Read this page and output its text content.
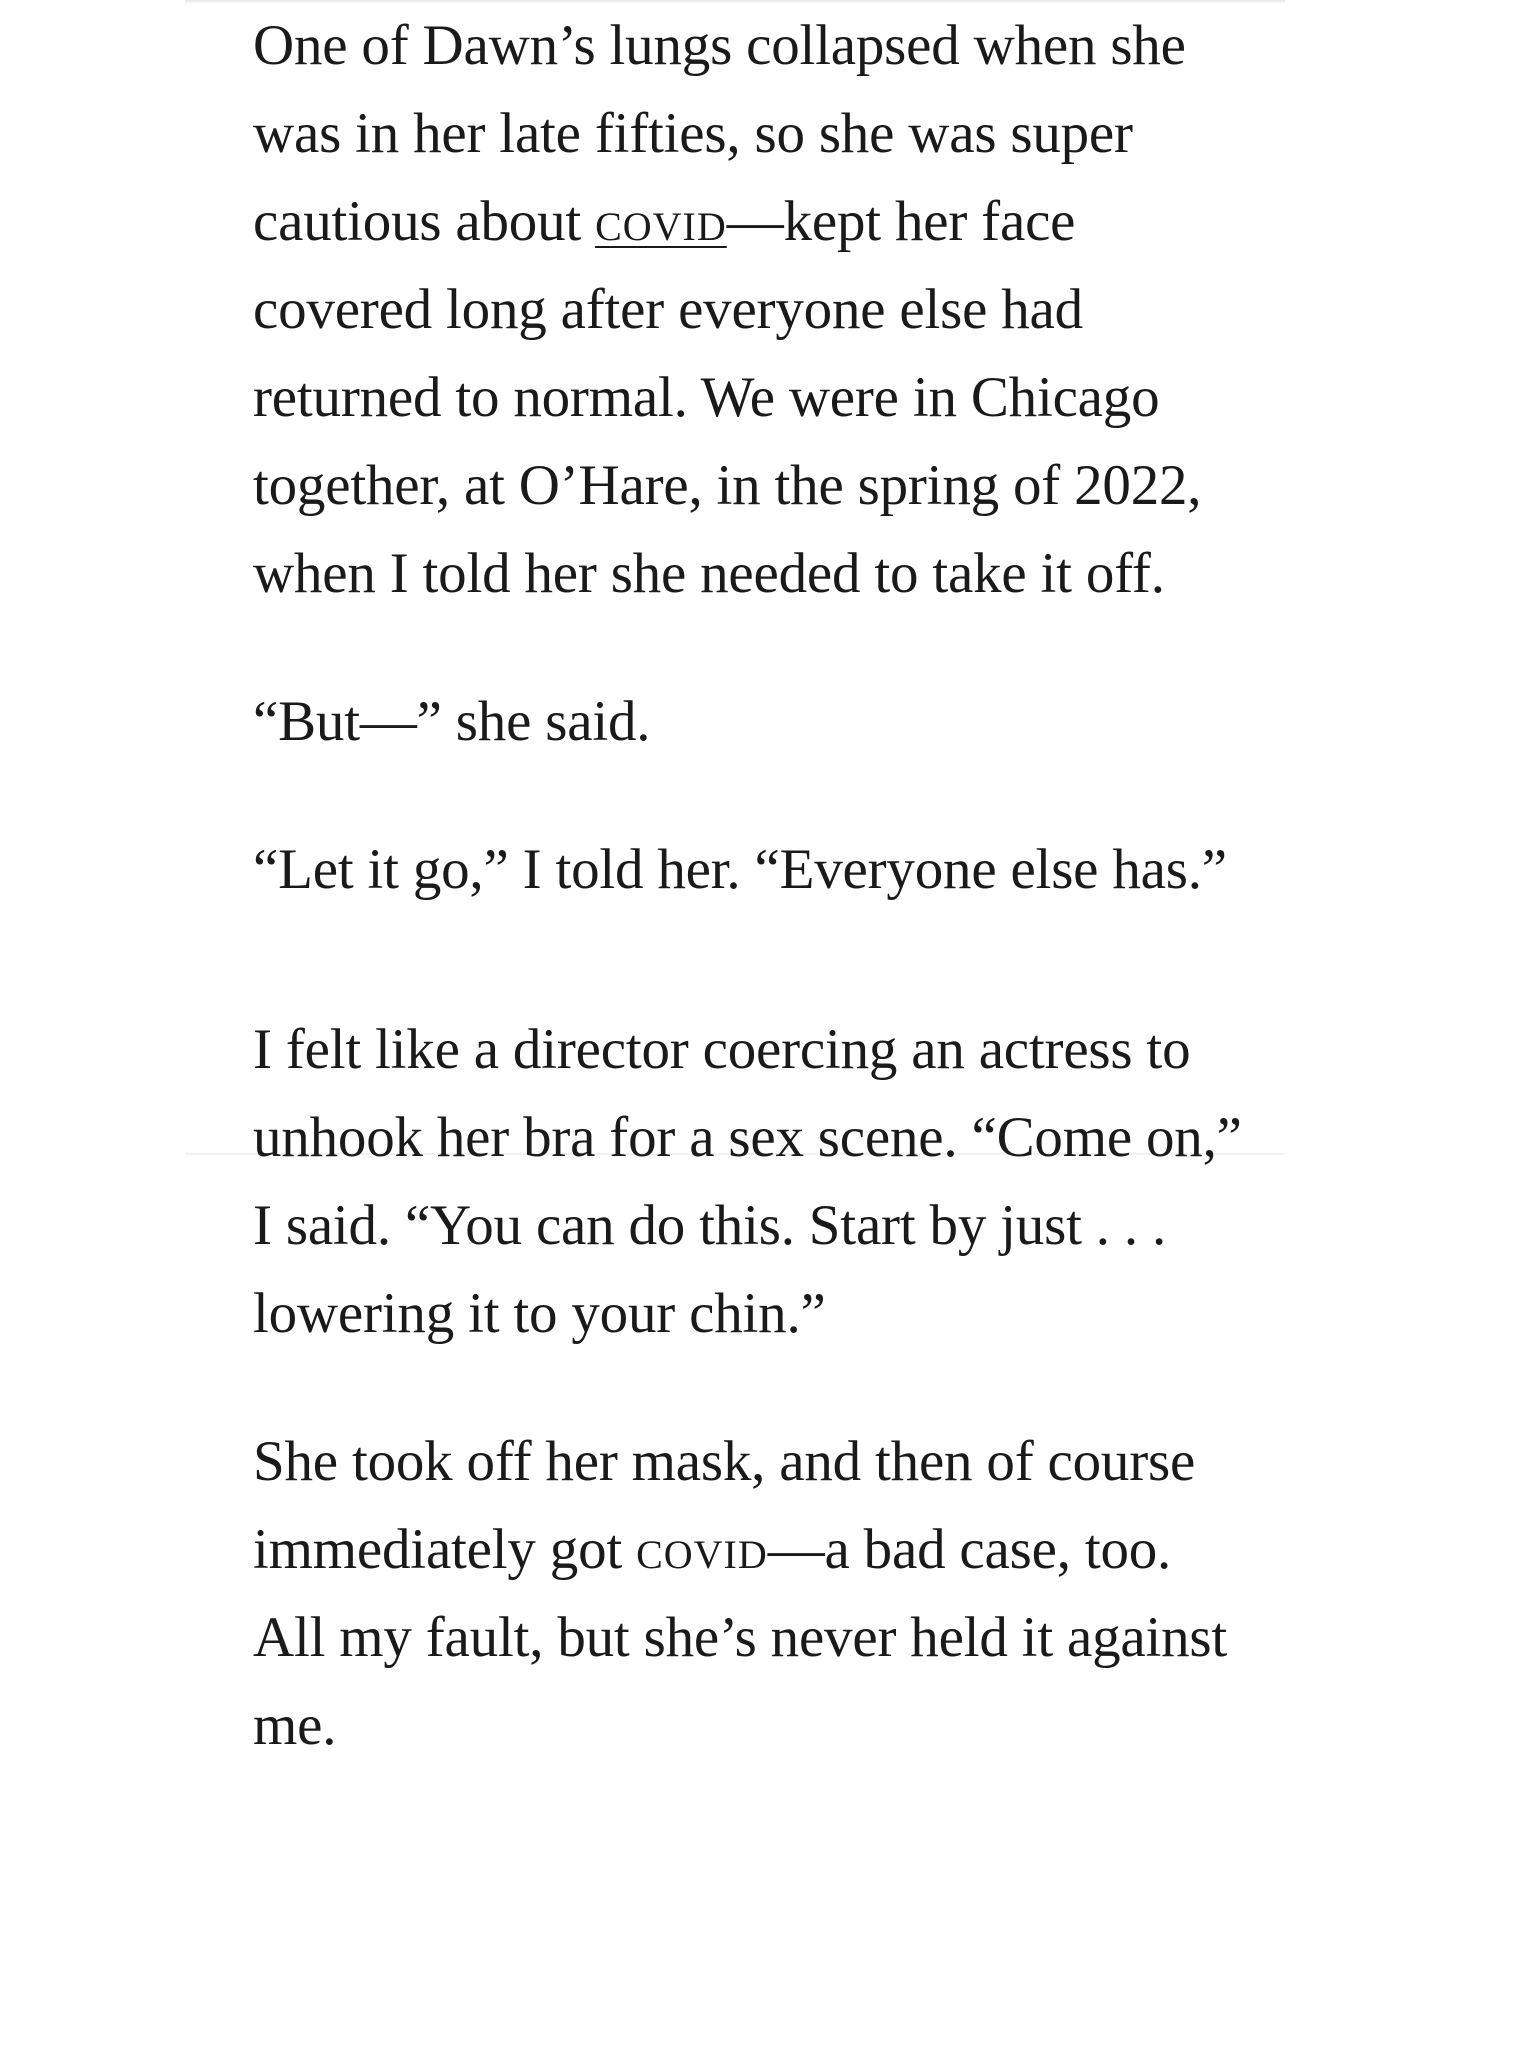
One of Dawn’s lungs collapsed when she was in her late fifties, so she was super cautious about covid—kept her face covered long after everyone else had returned to normal. We were in Chicago together, at O’Hare, in the spring of 2022, when I told her she needed to take it off.

“But—” she said.

“Let it go,” I told her. “Everyone else has.”

I felt like a director coercing an actress to unhook her bra for a sex scene. “Come on,” I said. “You can do this. Start by just . . . lowering it to your chin.”

She took off her mask, and then of course immediately got covid—a bad case, too. All my fault, but she’s never held it against me.
